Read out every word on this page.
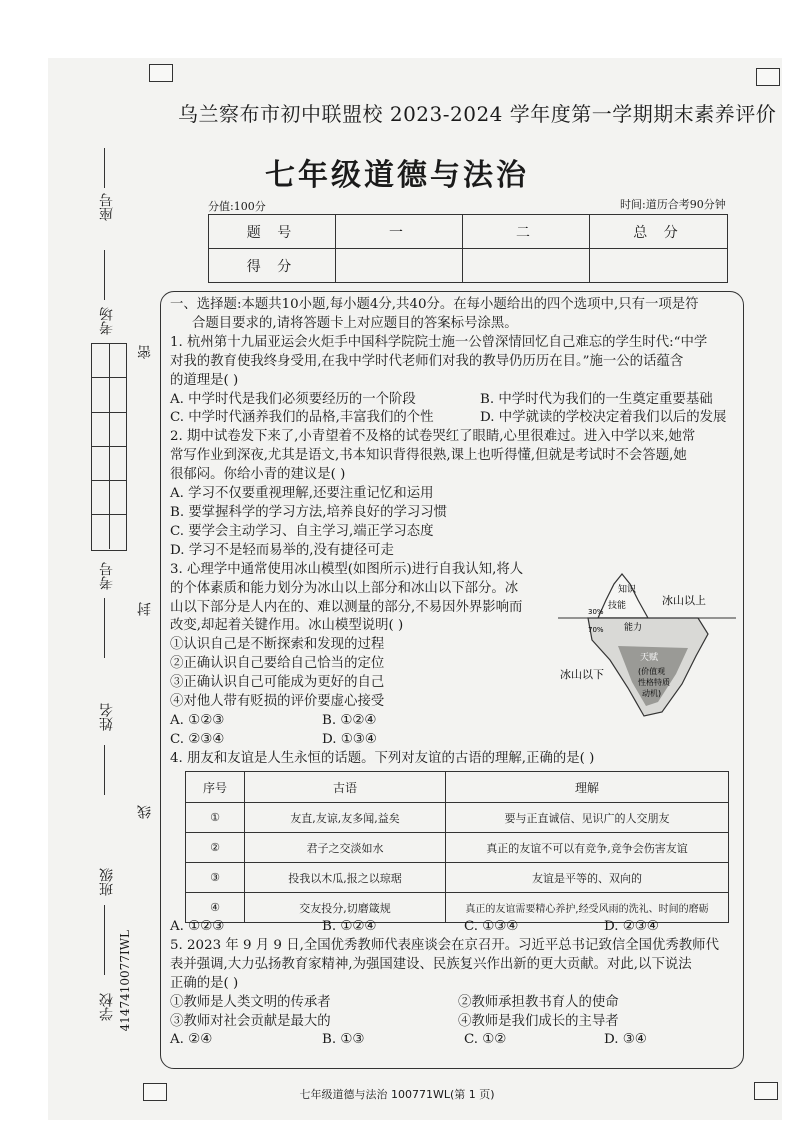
乌兰察布市初中联盟校 2023-2024 学年度第一学期期末素养评价
七年级道德与法治
分值:100分	时间:道历合考90分钟
题 号	一	二	总 分
得 分			
座号
考场
考号
姓名
班级
学校 4147410077IWL
密
封
线

一、选择题:本题共10小题,每小题4分,共40分。在每小题给出的四个选项中,只有一项是符

合题目要求的,请将答题卡上对应题目的答案标号涂黑。

1. 杭州第十九届亚运会火炬手中国科学院院士施一公曾深情回忆自己难忘的学生时代:“中学

对我的教育使我终身受用,在我中学时代老师们对我的教导仍历历在目。”施一公的话蕴含

的道理是( )

A. 中学时代是我们必须要经历的一个阶段	B. 中学时代为我们的一生奠定重要基础

C. 中学时代涵养我们的品格,丰富我们的个性	D. 中学就读的学校决定着我们以后的发展

2. 期中试卷发下来了,小青望着不及格的试卷哭红了眼睛,心里很难过。进入中学以来,她常

常写作业到深夜,尤其是语文,书本知识背得很熟,课上也听得懂,但就是考试时不会答题,她

很郁闷。你给小青的建议是( )

A. 学习不仅要重视理解,还要注重记忆和运用

B. 要掌握科学的学习方法,培养良好的学习习惯

C. 要学会主动学习、自主学习,端正学习态度

D. 学习不是轻而易举的,没有捷径可走

3. 心理学中通常使用冰山模型(如图所示)进行自我认知,将人

的个体素质和能力划分为冰山以上部分和冰山以下部分。冰

山以下部分是人内在的、难以测量的部分,不易因外界影响而

改变,却起着关键作用。冰山模型说明( )

①认识自己是不断探索和发现的过程

②正确认识自己要给自己恰当的定位

③正确认识自己可能成为更好的自己

④对他人带有贬损的评价要虚心接受

A. ①②③	B. ①②④

C. ②③④	D. ①③④

4. 朋友和友谊是人生永恒的话题。下列对友谊的古语的理解,正确的是( )

知识
技能	冰山以上
30%
70% 能力
天赋
(价值观
性格特质
动机)
冰山以下
序号	古语	理解
①	友直,友谅,友多闻,益矣	要与正直诚信、见识广的人交朋友
②	君子之交淡如水	真正的友谊不可以有竞争,竞争会伤害友谊
③	投我以木瓜,报之以琼琚	友谊是平等的、双向的
④	交友投分,切磨箴规	真正的友谊需要精心养护,经受风雨的洗礼、时间的磨砺

A. ①②③	B. ①②④	C. ①③④	D. ②③④

5. 2023 年 9 月 9 日,全国优秀教师代表座谈会在京召开。习近平总书记致信全国优秀教师代

表并强调,大力弘扬教育家精神,为强国建设、民族复兴作出新的更大贡献。对此,以下说法

正确的是( )

①教师是人类文明的传承者	②教师承担教书育人的使命

③教师对社会贡献是最大的	④教师是我们成长的主导者

A. ②④	B. ①③	C. ①②	D. ③④

七年级道德与法治 100771WL(第 1 页)
